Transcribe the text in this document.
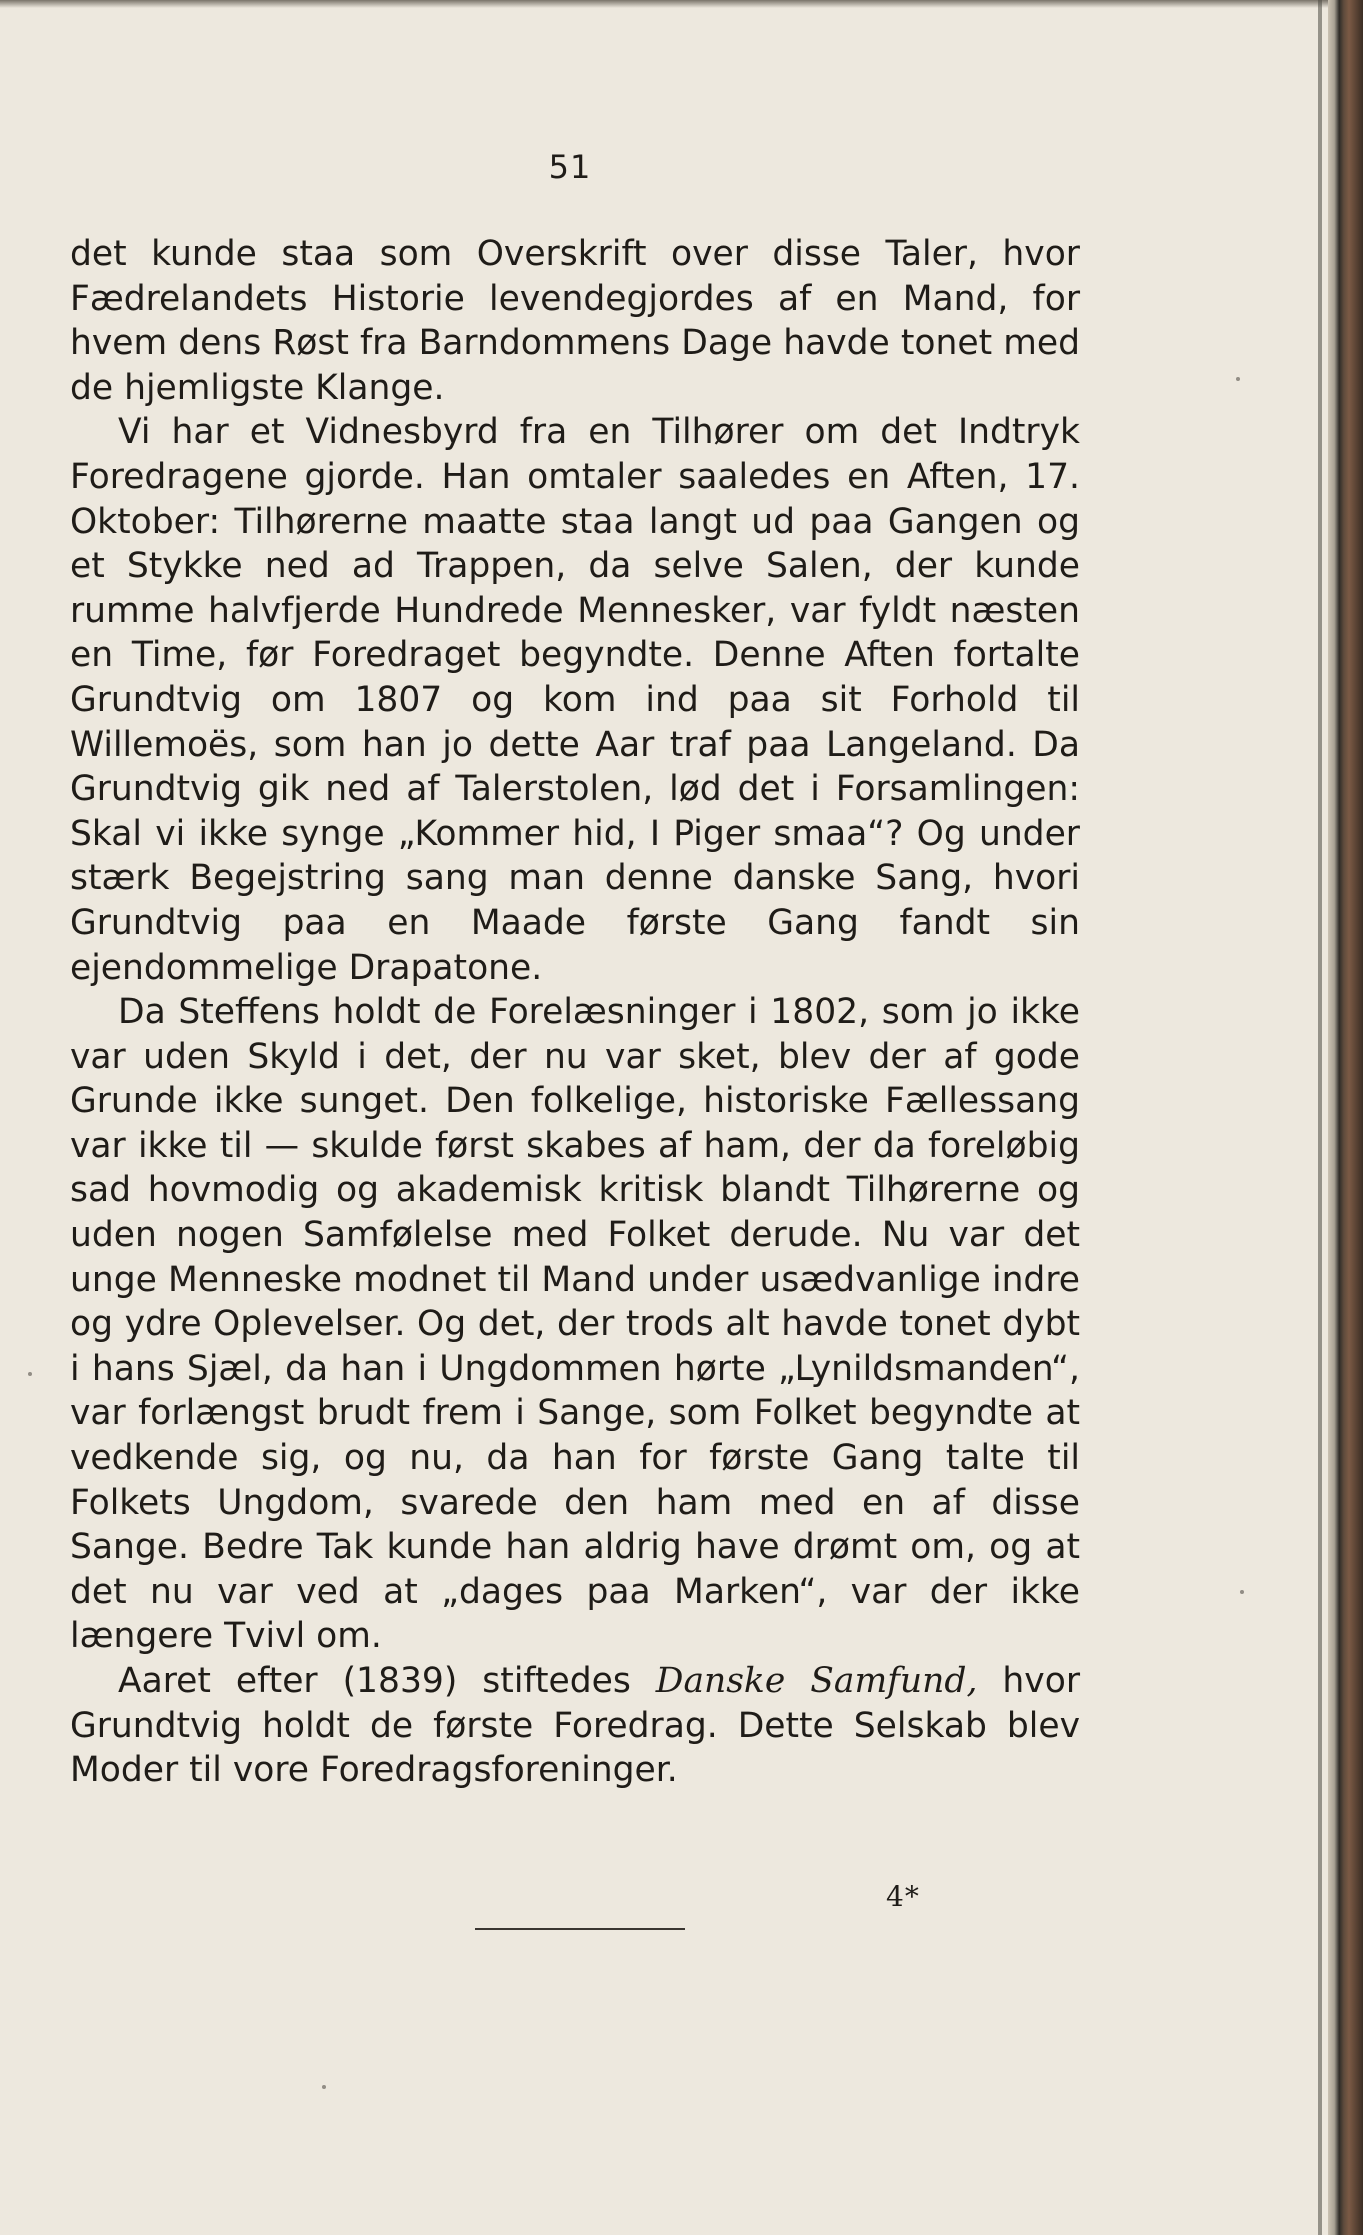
51

det kunde staa som Overskrift over disse Taler, hvor Fædrelandets Historie levendegjordes af en Mand, for hvem dens Røst fra Barndommens Dage havde tonet med de hjemligste Klange.

Vi har et Vidnesbyrd fra en Tilhører om det Indtryk Foredragene gjorde. Han omtaler saaledes en Aften, 17. Oktober: Tilhørerne maatte staa langt ud paa Gangen og et Stykke ned ad Trappen, da selve Salen, der kunde rumme halvfjerde Hundrede Mennesker, var fyldt næsten en Time, før Foredraget begyndte. Denne Aften fortalte Grundtvig om 1807 og kom ind paa sit Forhold til Willemoës, som han jo dette Aar traf paa Langeland. Da Grundtvig gik ned af Talerstolen, lød det i Forsamlingen: Skal vi ikke synge „Kommer hid, I Piger smaa“? Og under stærk Begejstring sang man denne danske Sang, hvori Grundtvig paa en Maade første Gang fandt sin ejendommelige Drapatone.

Da Steffens holdt de Forelæsninger i 1802, som jo ikke var uden Skyld i det, der nu var sket, blev der af gode Grunde ikke sunget. Den folkelige, historiske Fællessang var ikke til — skulde først skabes af ham, der da foreløbig sad hovmodig og akademisk kritisk blandt Tilhørerne og uden nogen Samfølelse med Folket derude. Nu var det unge Menneske modnet til Mand under usædvanlige indre og ydre Oplevelser. Og det, der trods alt havde tonet dybt i hans Sjæl, da han i Ungdommen hørte „Lynildsmanden“, var forlængst brudt frem i Sange, som Folket begyndte at vedkende sig, og nu, da han for første Gang talte til Folkets Ungdom, svarede den ham med en af disse Sange. Bedre Tak kunde han aldrig have drømt om, og at det nu var ved at „dages paa Marken“, var der ikke længere Tvivl om.

Aaret efter (1839) stiftedes Danske Samfund, hvor Grundtvig holdt de første Foredrag. Dette Selskab blev Moder til vore Foredragsforeninger.

4*
